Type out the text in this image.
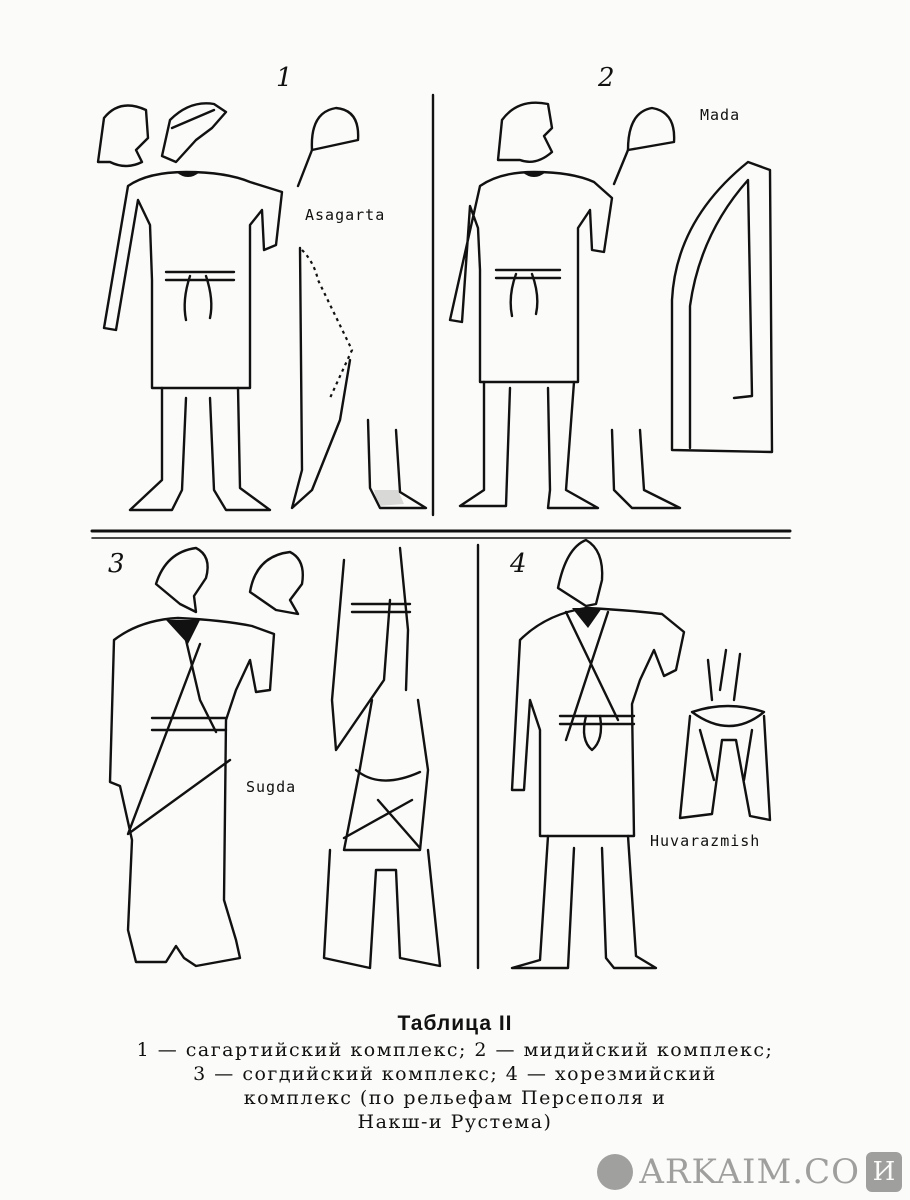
1	2
3	4
Asagarta
Mada
Sugda
Huvarazmish
Таблица II
1 — сагартийский комплекс; 2 — мидийский комплекс;
3 — согдийский комплекс; 4 — хорезмийский
комплекс (по рельефам Персеполя и
Накш-и Рустема)
ARKAIM.CO И
